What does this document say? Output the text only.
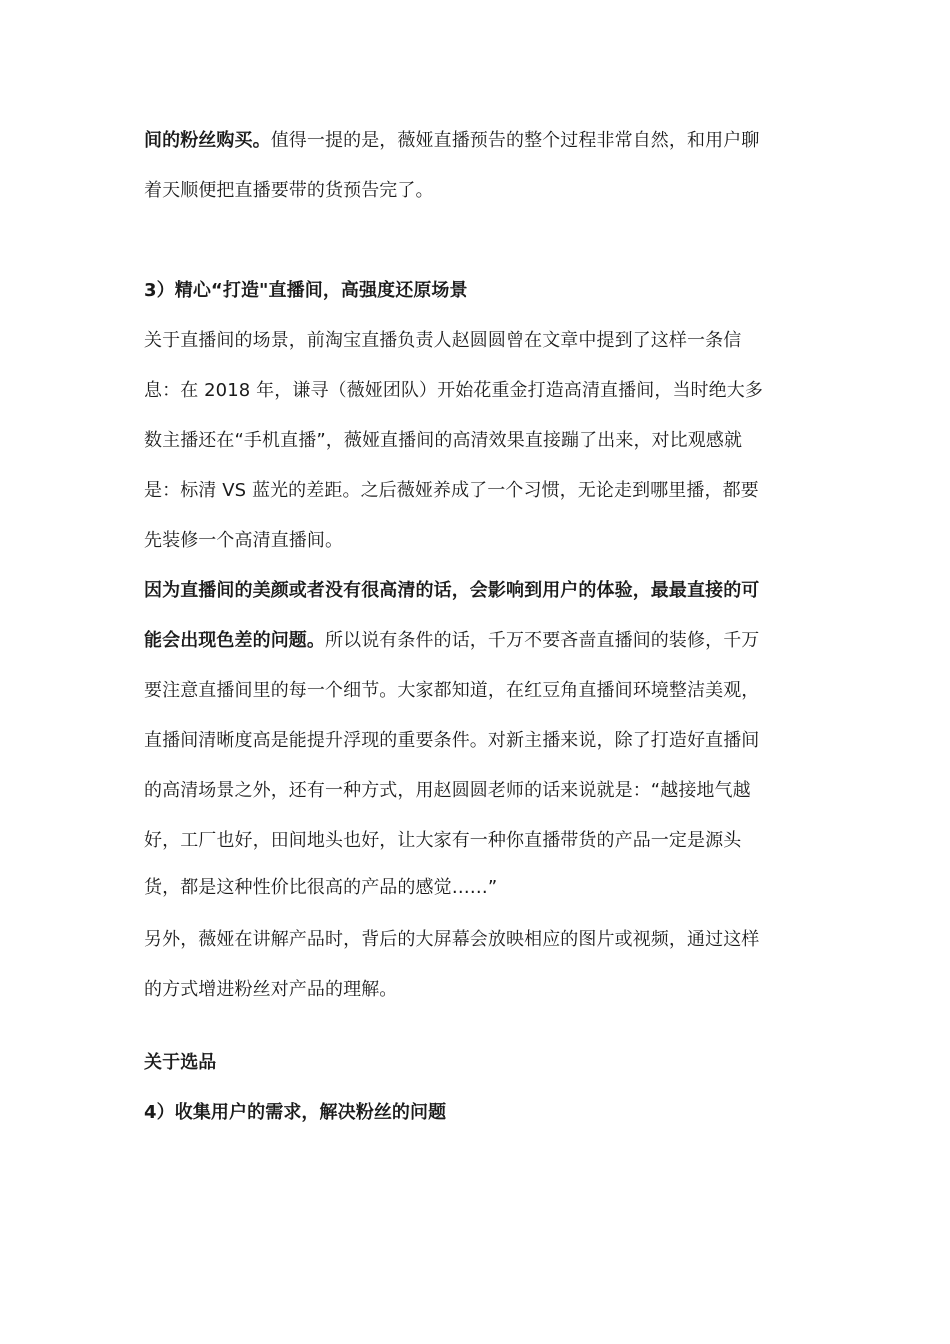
间的粉丝购买。值得一提的是，薇娅直播预告的整个过程非常自然，和用户聊
着天顺便把直播要带的货预告完了。
3）精心“打造"直播间，高强度还原场景
关于直播间的场景，前淘宝直播负责人赵圆圆曾在文章中提到了这样一条信
息：在 2018 年，谦寻（薇娅团队）开始花重金打造高清直播间，当时绝大多
数主播还在“手机直播”，薇娅直播间的高清效果直接蹦了出来，对比观感就
是：标清 VS 蓝光的差距。之后薇娅养成了一个习惯，无论走到哪里播，都要
先装修一个高清直播间。
因为直播间的美颜或者没有很高清的话，会影响到用户的体验，最最直接的可
能会出现色差的问题。所以说有条件的话，千万不要吝啬直播间的装修，千万
要注意直播间里的每一个细节。大家都知道，在红豆角直播间环境整洁美观，
直播间清晰度高是能提升浮现的重要条件。对新主播来说，除了打造好直播间
的高清场景之外，还有一种方式，用赵圆圆老师的话来说就是：“越接地气越
好，工厂也好，田间地头也好，让大家有一种你直播带货的产品一定是源头
货，都是这种性价比很高的产品的感觉……”
另外，薇娅在讲解产品时，背后的大屏幕会放映相应的图片或视频，通过这样
的方式增进粉丝对产品的理解。
关于选品
4）收集用户的需求，解决粉丝的问题
